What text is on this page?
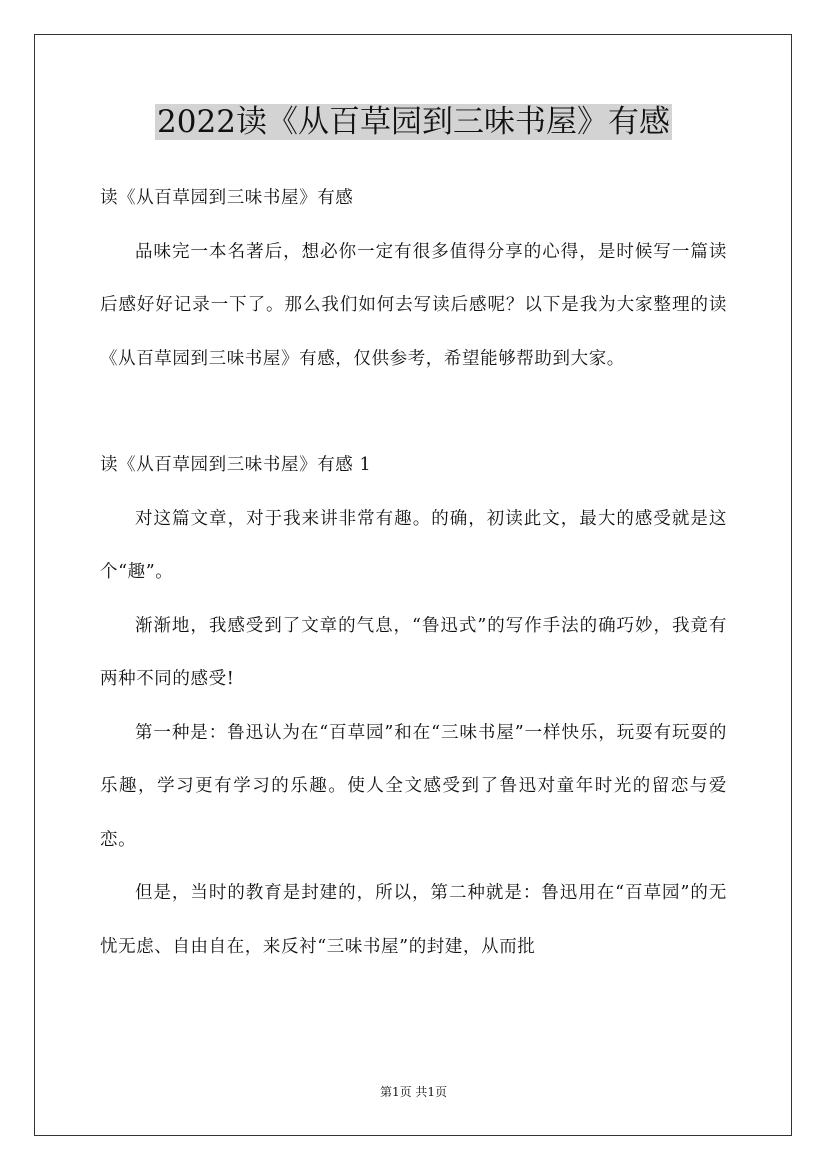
2022读《从百草园到三味书屋》有感

读《从百草园到三味书屋》有感

品味完一本名著后，想必你一定有很多值得分享的心得，是时候写一篇读后感好好记录一下了。那么我们如何去写读后感呢？以下是我为大家整理的读《从百草园到三味书屋》有感，仅供参考，希望能够帮助到大家。

读《从百草园到三味书屋》有感 1

对这篇文章，对于我来讲非常有趣。的确，初读此文，最大的感受就是这个“趣”。

渐渐地，我感受到了文章的气息，“鲁迅式”的写作手法的确巧妙，我竟有两种不同的感受!

第一种是：鲁迅认为在“百草园”和在“三味书屋”一样快乐，玩耍有玩耍的乐趣，学习更有学习的乐趣。使人全文感受到了鲁迅对童年时光的留恋与爱恋。

但是，当时的教育是封建的，所以，第二种就是：鲁迅用在“百草园”的无忧无虑、自由自在，来反衬“三味书屋”的封建，从而批

第1页 共1页
